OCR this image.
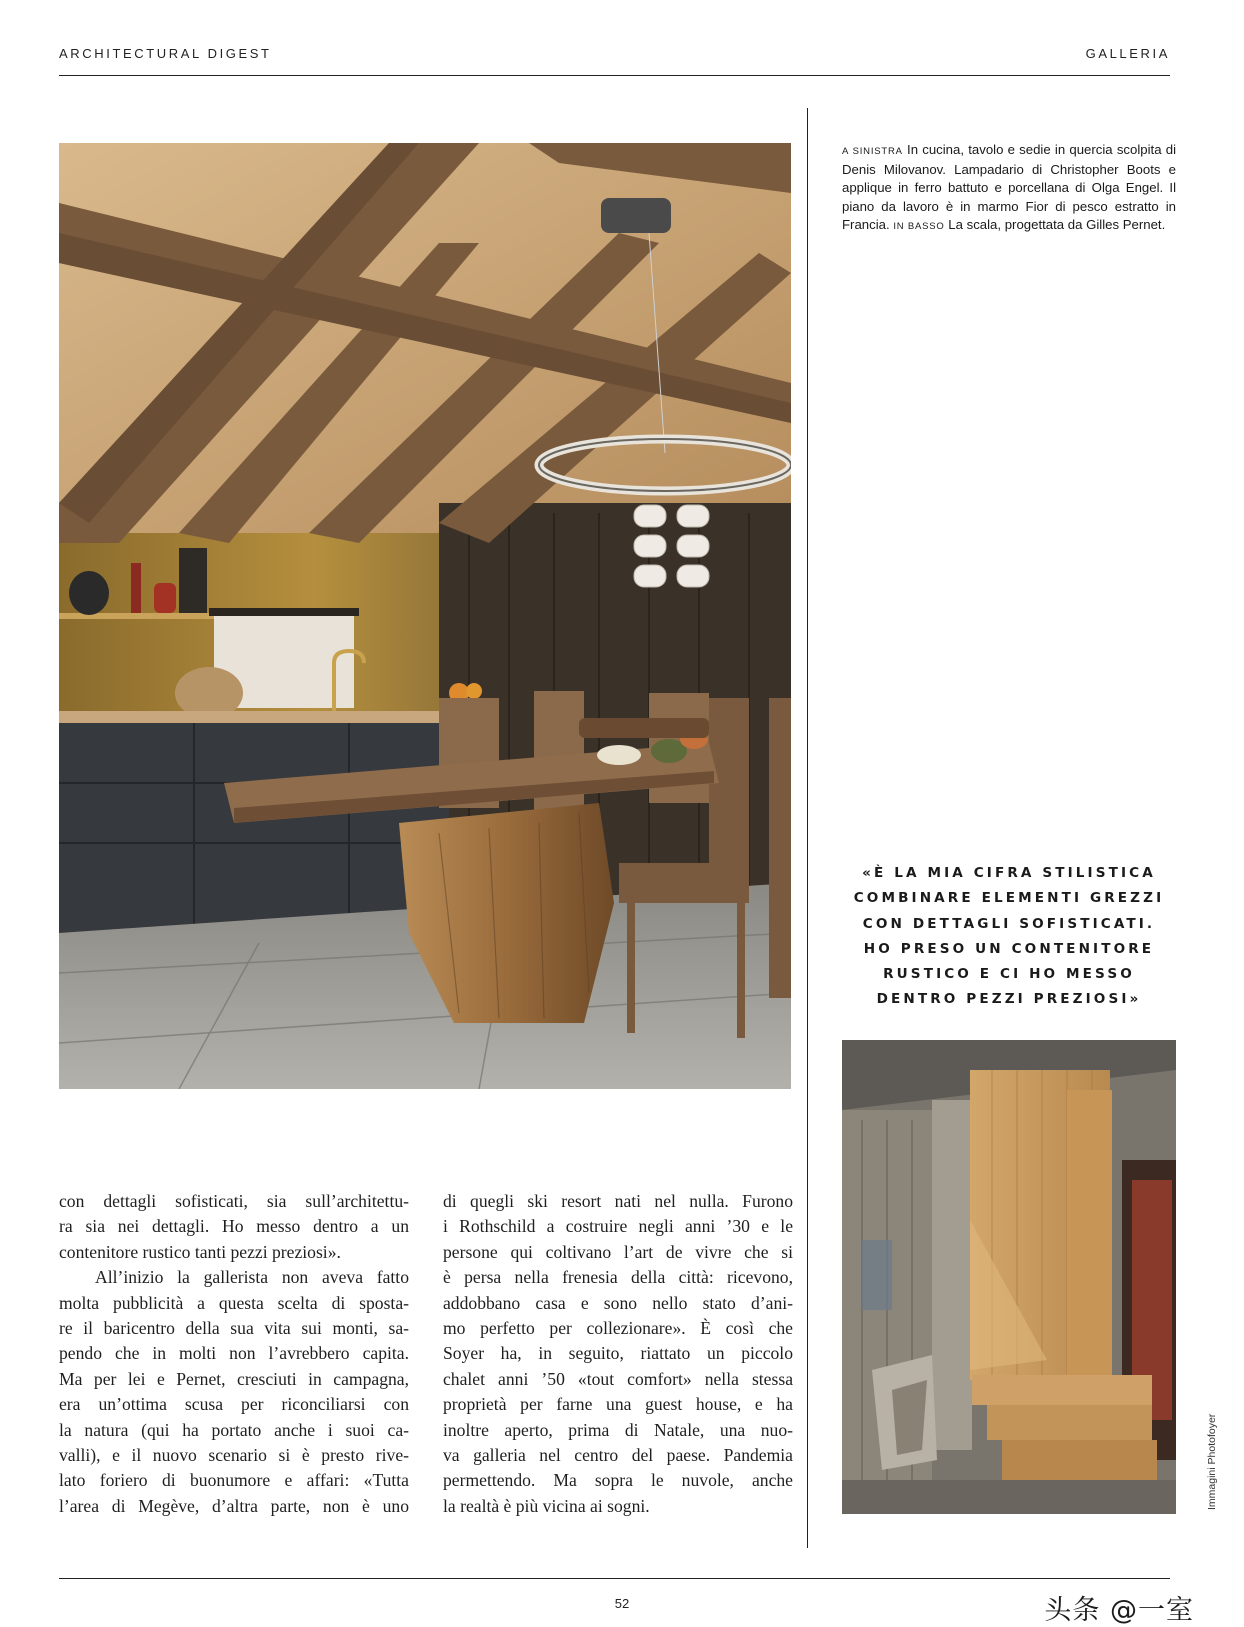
ARCHITECTURAL DIGEST	GALLERIA
A SINISTRA In cucina, tavolo e sedie in quercia scolpita di Denis Milovanov. Lampadario di Christopher Boots e applique in ferro battuto e porcellana di Olga Engel. Il piano da lavoro è in marmo Fior di pesco estratto in Francia. IN BASSO La scala, progettata da Gilles Pernet.
«È LA MIA CIFRA STILISTICA
COMBINARE ELEMENTI GREZZI
CON DETTAGLI SOFISTICATI.
HO PRESO UN CONTENITORE
RUSTICO E CI HO MESSO
DENTRO PEZZI PREZIOSI»
Immagini Photofoyer
con dettagli sofisticati, sia sull’architettu-
ra sia nei dettagli. Ho messo dentro a un
contenitore rustico tanti pezzi preziosi».
All’inizio la gallerista non aveva fatto
molta pubblicità a questa scelta di sposta-
re il baricentro della sua vita sui monti, sa-
pendo che in molti non l’avrebbero capita.
Ma per lei e Pernet, cresciuti in campagna,
era un’ottima scusa per riconciliarsi con
la natura (qui ha portato anche i suoi ca-
valli), e il nuovo scenario si è presto rive-
lato foriero di buonumore e affari: «Tutta
l’area di Megève, d’altra parte, non è uno
di quegli ski resort nati nel nulla. Furono
i Rothschild a costruire negli anni ’30 e le
persone qui coltivano l’art de vivre che si
è persa nella frenesia della città: ricevono,
addobbano casa e sono nello stato d’ani-
mo perfetto per collezionare». È così che
Soyer ha, in seguito, riattato un piccolo
chalet anni ’50 «tout comfort» nella stessa
proprietà per farne una guest house, e ha
inoltre aperto, prima di Natale, una nuo-
va galleria nel centro del paese. Pandemia
permettendo. Ma sopra le nuvole, anche
la realtà è più vicina ai sogni.
52	头条 @一室
